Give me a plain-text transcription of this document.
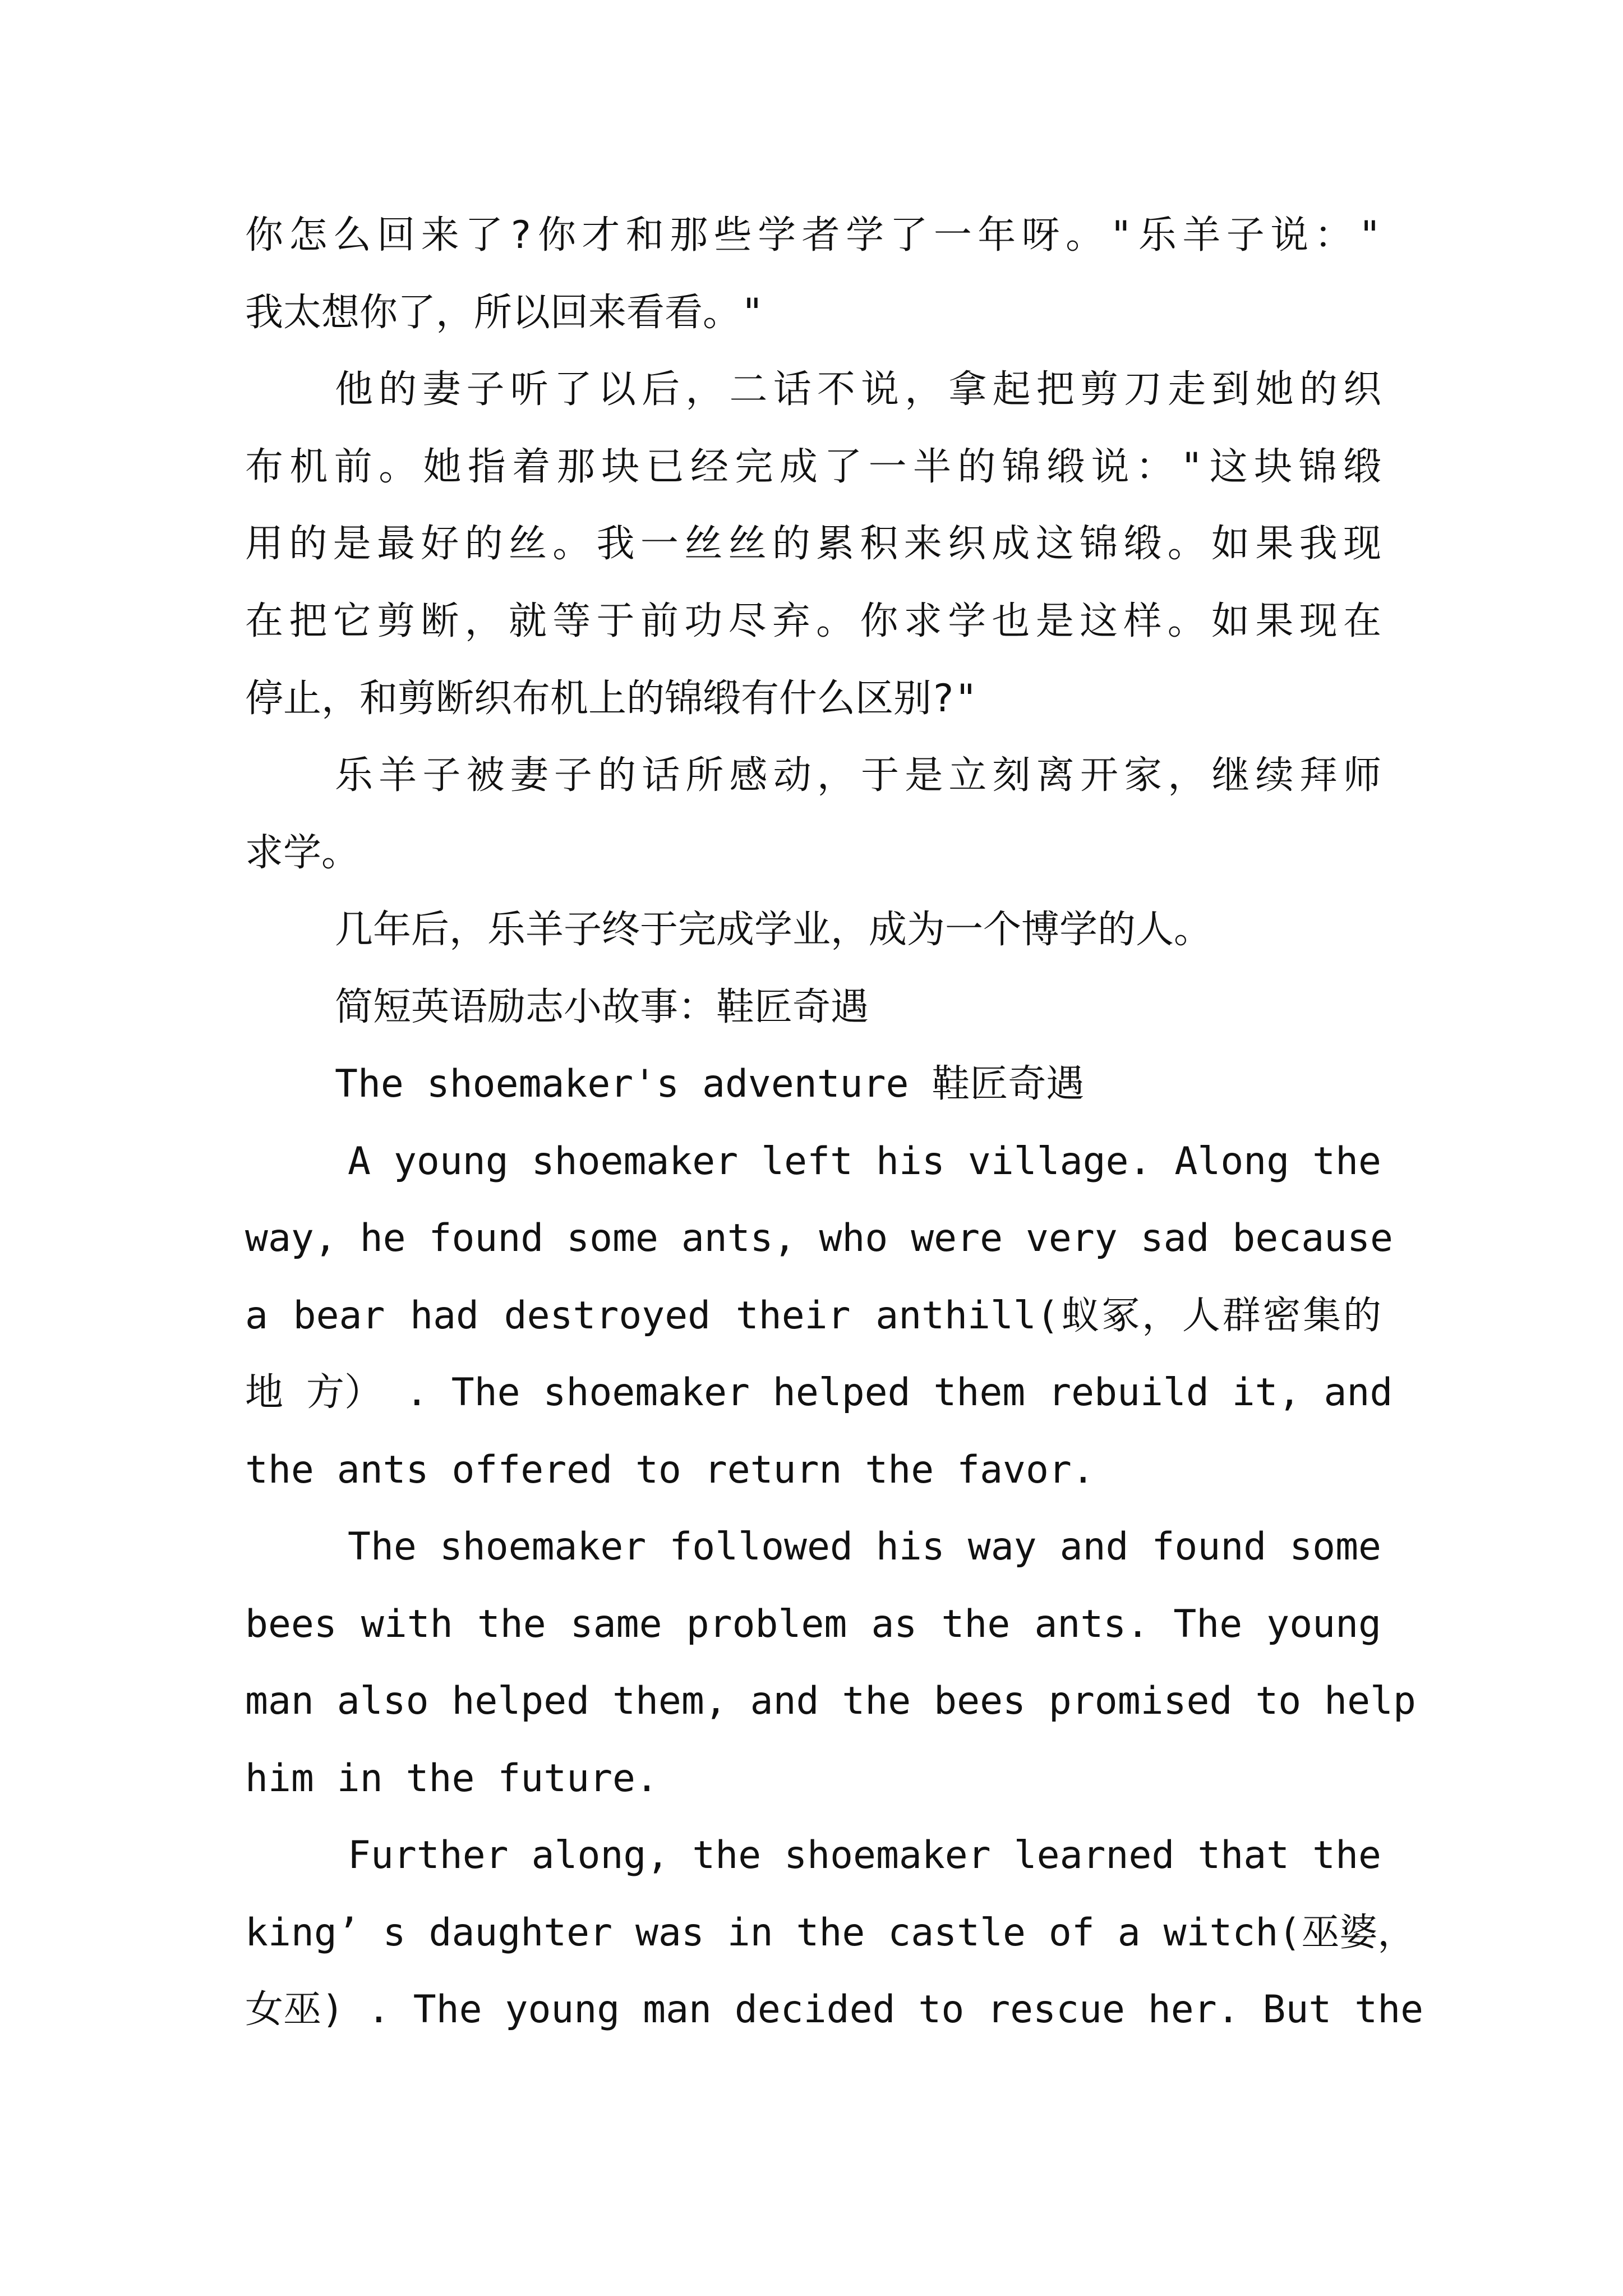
你怎么回来了?你才和那些学者学了一年呀。"乐羊子说："

我太想你了，所以回来看看。"

他的妻子听了以后，二话不说，拿起把剪刀走到她的织

布机前。她指着那块已经完成了一半的锦缎说："这块锦缎

用的是最好的丝。我一丝丝的累积来织成这锦缎。如果我现

在把它剪断，就等于前功尽弃。你求学也是这样。如果现在

停止，和剪断织布机上的锦缎有什么区别?"

乐羊子被妻子的话所感动，于是立刻离开家，继续拜师

求学。

几年后，乐羊子终于完成学业，成为一个博学的人。

简短英语励志小故事：鞋匠奇遇

The shoemaker's adventure 鞋匠奇遇

A young shoemaker left his village. Along the

way, he found some ants, who were very sad because

a bear had destroyed their anthill(蚁冢，人群密集的

地 方） . The shoemaker helped them rebuild it, and

the ants offered to return the favor.

The shoemaker followed his way and found some

bees with the same problem as the ants. The young

man also helped them, and the bees promised to help

him in the future.

Further along, the shoemaker learned that the

king’ s daughter was in the castle of a witch(巫婆，

女巫) . The young man decided to rescue her. But the
